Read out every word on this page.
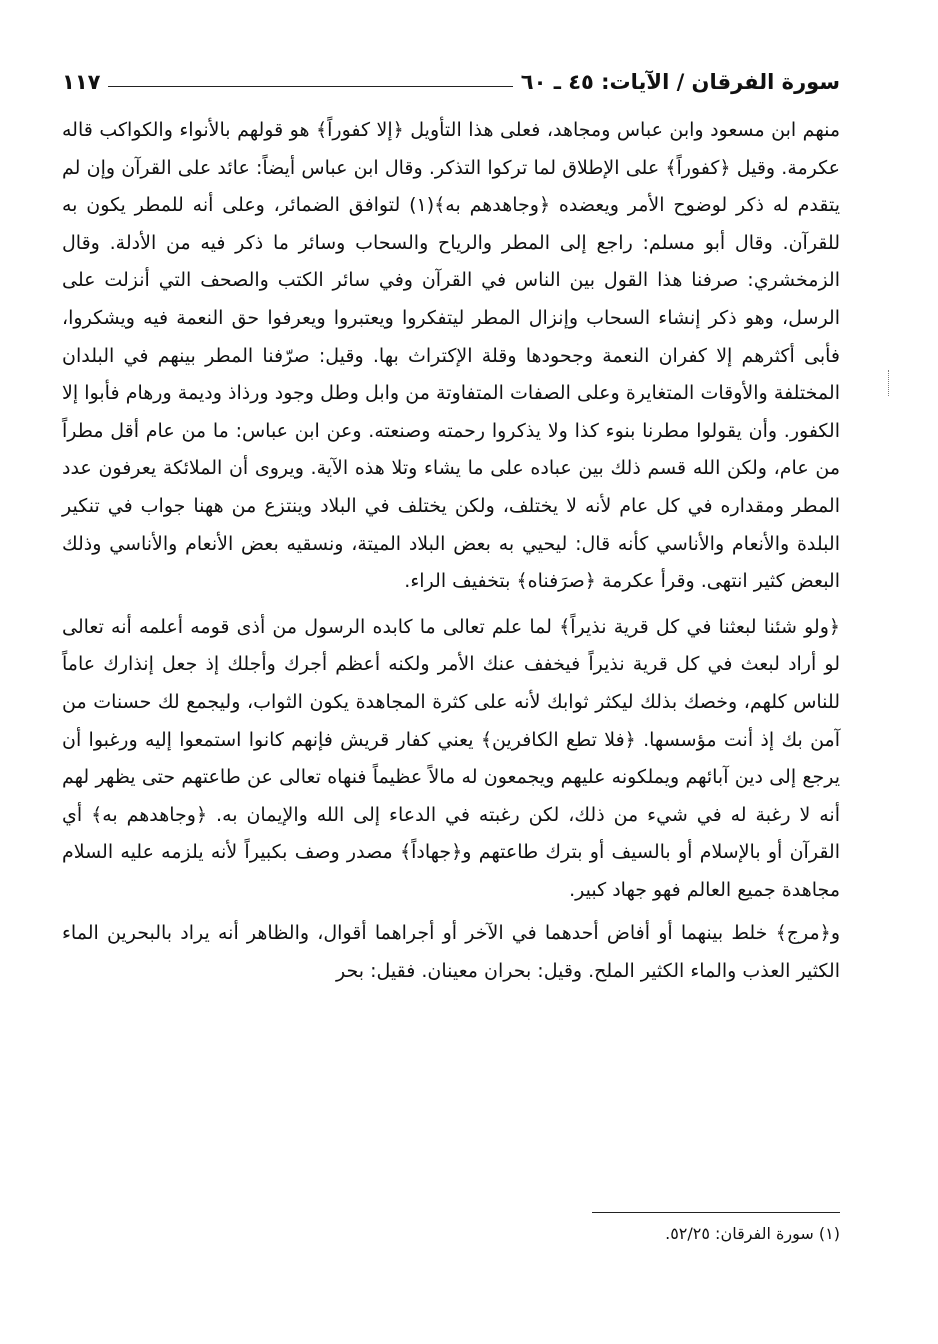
سورة الفرقان / الآيات: ٤٥ ـ ٦٠
١١٧

منهم ابن مسعود وابن عباس ومجاهد، فعلى هذا التأويل ﴿إلا كفوراً﴾ هو قولهم بالأنواء والكواكب قاله عكرمة. وقيل ﴿كفوراً﴾ على الإطلاق لما تركوا التذكر. وقال ابن عباس أيضاً: عائد على القرآن وإن لم يتقدم له ذكر لوضوح الأمر ويعضده ﴿وجاهدهم به﴾(١) لتوافق الضمائر، وعلى أنه للمطر يكون به للقرآن. وقال أبو مسلم: راجع إلى المطر والرياح والسحاب وسائر ما ذكر فيه من الأدلة. وقال الزمخشري: صرفنا هذا القول بين الناس في القرآن وفي سائر الكتب والصحف التي أنزلت على الرسل، وهو ذكر إنشاء السحاب وإنزال المطر ليتفكروا ويعتبروا ويعرفوا حق النعمة فيه ويشكروا، فأبى أكثرهم إلا كفران النعمة وجحودها وقلة الإكتراث بها. وقيل: صرّفنا المطر بينهم في البلدان المختلفة والأوقات المتغايرة وعلى الصفات المتفاوتة من وابل وطل وجود ورذاذ وديمة ورهام فأبوا إلا الكفور. وأن يقولوا مطرنا بنوء كذا ولا يذكروا رحمته وصنعته. وعن ابن عباس: ما من عام أقل مطراً من عام، ولكن الله قسم ذلك بين عباده على ما يشاء وتلا هذه الآية. ويروى أن الملائكة يعرفون عدد المطر ومقداره في كل عام لأنه لا يختلف، ولكن يختلف في البلاد وينتزع من ههنا جواب في تنكير البلدة والأنعام والأناسي كأنه قال: ليحيي به بعض البلاد الميتة، ونسقيه بعض الأنعام والأناسي وذلك البعض كثير انتهى. وقرأ عكرمة ﴿صرَفناه﴾ بتخفيف الراء.

﴿ولو شئنا لبعثنا في كل قرية نذيراً﴾ لما علم تعالى ما كابده الرسول من أذى قومه أعلمه أنه تعالى لو أراد لبعث في كل قرية نذيراً فيخفف عنك الأمر ولكنه أعظم أجرك وأجلك إذ جعل إنذارك عاماً للناس كلهم، وخصك بذلك ليكثر ثوابك لأنه على كثرة المجاهدة يكون الثواب، وليجمع لك حسنات من آمن بك إذ أنت مؤسسها. ﴿فلا تطع الكافرين﴾ يعني كفار قريش فإنهم كانوا استمعوا إليه ورغبوا أن يرجع إلى دين آبائهم ويملكونه عليهم ويجمعون له مالاً عظيماً فنهاه تعالى عن طاعتهم حتى يظهر لهم أنه لا رغبة له في شيء من ذلك، لكن رغبته في الدعاء إلى الله والإيمان به. ﴿وجاهدهم به﴾ أي القرآن أو بالإسلام أو بالسيف أو بترك طاعتهم و﴿جهاداً﴾ مصدر وصف بكبيراً لأنه يلزمه عليه السلام مجاهدة جميع العالم فهو جهاد كبير.

و﴿مرج﴾ خلط بينهما أو أفاض أحدهما في الآخر أو أجراهما أقوال، والظاهر أنه يراد بالبحرين الماء الكثير العذب والماء الكثير الملح. وقيل: بحران معينان. فقيل: بحر

(١) سورة الفرقان: ٥٢/٢٥.
